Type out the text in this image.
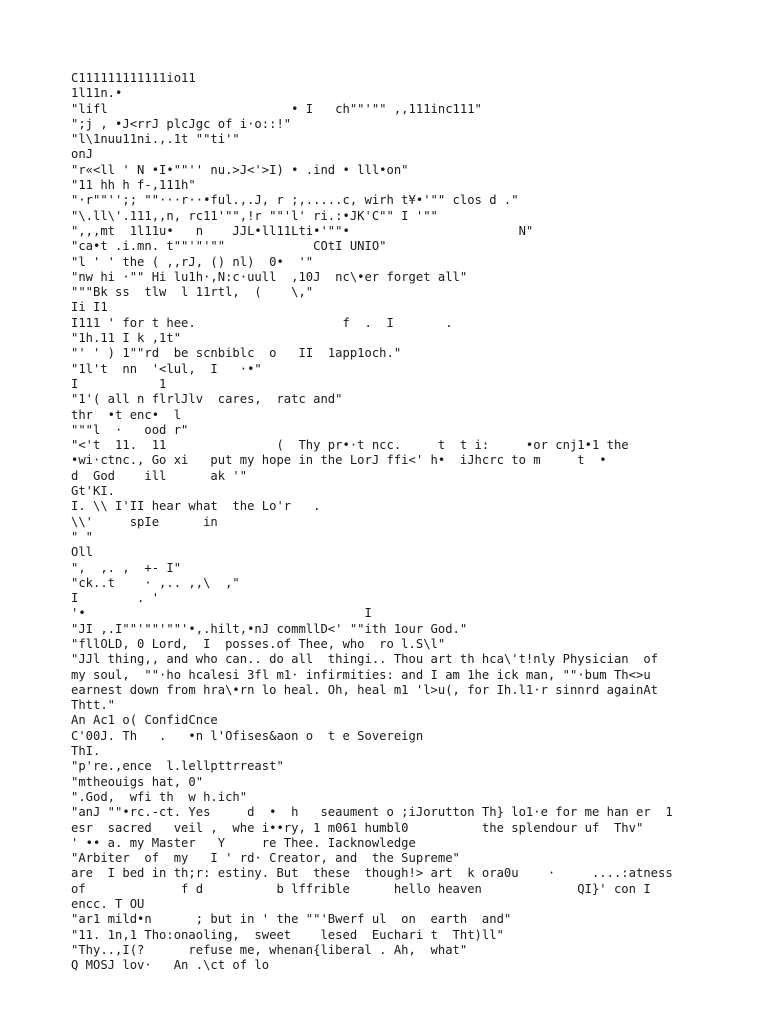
C111111111111io11
1l11n.•
"lifl                         • I   ch""'"" ,,111inc111"
";j , •J<rrJ plcJgc of i·o::!"
"l\1nuu11ni.,.1t ""ti'"
onJ
"r«<ll ' N •I•""'' nu.>J<'>I) • .ind • lll•on"
"11 hh h f-,111h"
"·r""'';; ""···r··•ful.,.J, r ;,.....c, wirh t¥•'"" clos d ."
"\.ll\'.111,,n, rc11'"",!r ""'l' ri.:•JK'C"" I '""
",,,mt  1l11u•   n    JJL•ll11Lti•'""•                       N"
"ca•t .i.mn. t""'"'""            COtI UNIO"
"l ' ' the ( ,,rJ, () nl)  0•  '"
"nw hi ·"" Hi lu1h·,N:c·uull  ,10J  nc\•er forget all"
"""Bk ss  tlw  l 11rtl,  (    \,"
Ii I1
I111 ' for t hee.                    f  .  I       .
"1h.11 I k ,1t"
"' ' ) 1""rd  be scnbiblc  o   II  1app1och."
"1l't  nn  '<lul,  I   ·•"
I           1
"1'( all n flrlJlv  cares,  ratc and"
thr  •t enc•  l
"""l  ·   ood r"
"<'t  11.  11               (  Thy pr•·t ncc.     t  t i:     •or cnj1•1 the
•wi·ctnc., Go xi   put my hope in the LorJ ffi<' h•  iJhcrc to m     t  •
d  God    ill      ak '"
Gt'KI.
I. \\ I'II hear what  the Lo'r   .
\\'     spIe      in
" "
Oll
",  ,. ,  +- I"
"ck..t    · ,.. ,,\  ,"
I        . '
'•                                      I
"JI ,.I""'""'""'•,.hilt,•nJ commllD<' ""ith 1our God."
"fllOLD, 0 Lord,  I  posses.of Thee, who  ro l.S\l"
"JJl thing,, and who can.. do all  thingi.. Thou art th hca\'t!nly Physician  of
my soul,  ""·ho hcalesi 3fl m1· infirmities: and I am 1he ick man, ""·bum Th<>u
earnest down from hra\•rn lo heal. Oh, heal m1 'l>u(, for Ih.l1·r sinnrd againAt
Thtt."
An Ac1 o( ConfidCnce
C'00J. Th   .   •n l'Ofises&aon o  t e Sovereign
ThI.
"p're.,ence  l.lellpttrreast"
"mtheouigs hat, 0"
".God,  wfi th  w h.ich"
"anJ ""•rc.-ct. Yes     d  •  h   seaument o ;iJorutton Th} lo1·e for me han er  1
esr  sacred   veil ,  whe i••ry, 1 m061 humbl0          the splendour uf  Thv"
' •• a. my Master   Y     re Thee. Iacknowledge
"Arbiter  of  my   I ' rd· Creator, and  the Supreme"
are  I bed in th;r: estiny. But  these  though!> art  k ora0u    ·     ....:atness
of             f d          b lffrible      hello heaven             QI}' con I
encc. T OU
"ar1 mild•n      ; but in ' the ""'Bwerf ul  on  earth  and"
"11. 1n,1 Tho:onaoling,  sweet    lesed  Euchari t  Tht)ll"
"Thy..,I(?      refuse me, whenan{liberal . Ah,  what"
Q MOSJ lov·   An .\ct of lo
